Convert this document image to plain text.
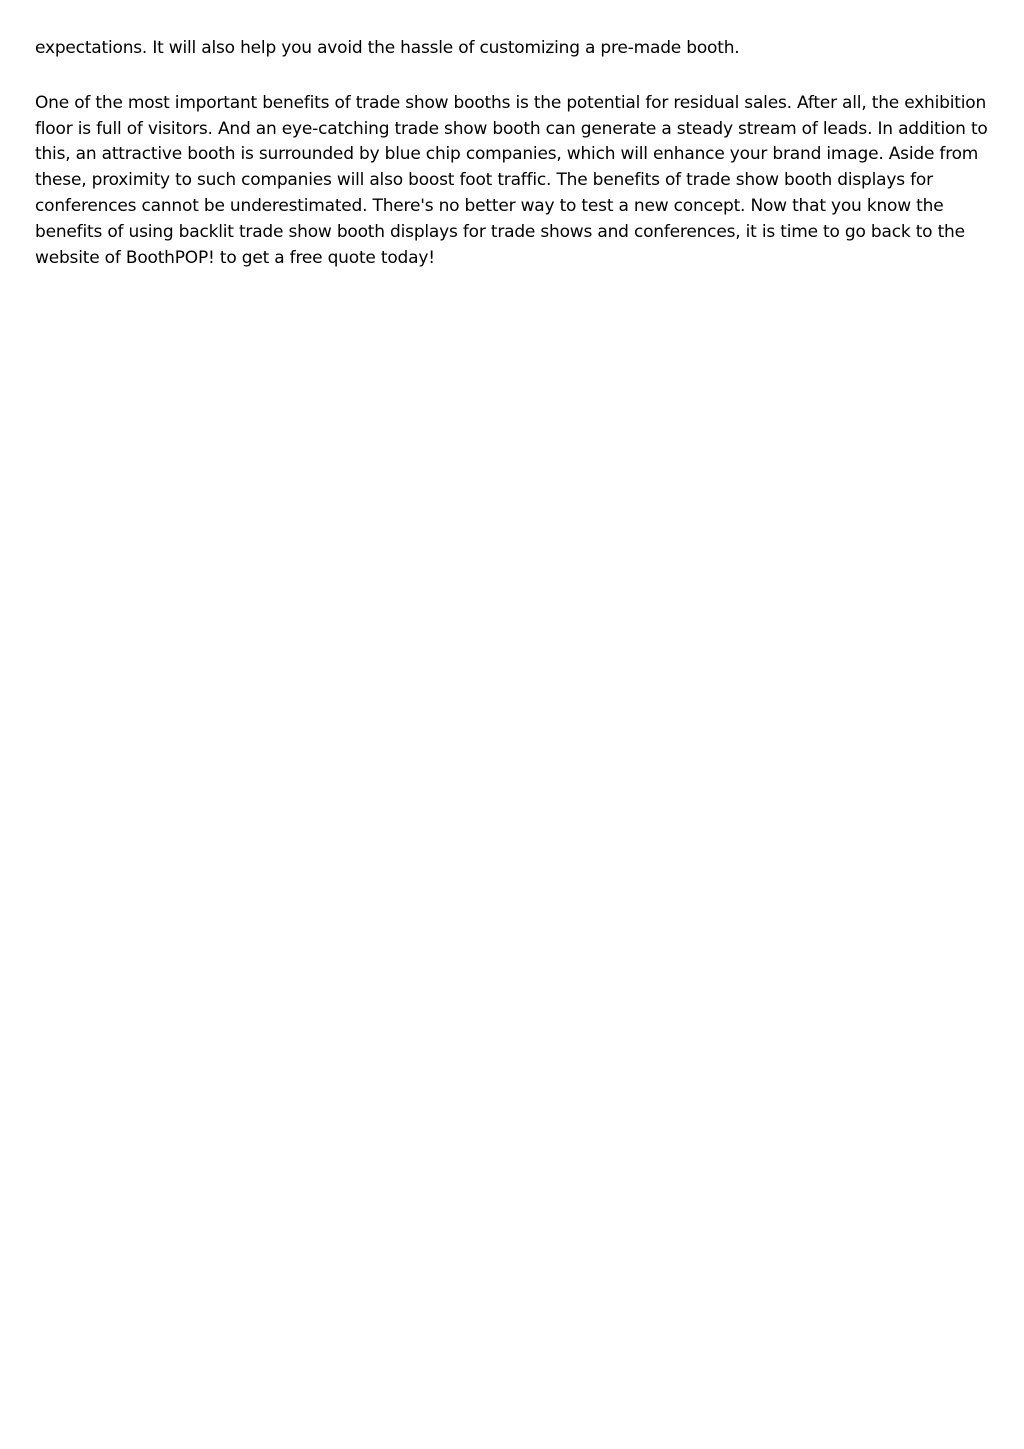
expectations. It will also help you avoid the hassle of customizing a pre-made booth.

One of the most important benefits of trade show booths is the potential for residual sales. After all, the exhibition
floor is full of visitors. And an eye-catching trade show booth can generate a steady stream of leads. In addition to
this, an attractive booth is surrounded by blue chip companies, which will enhance your brand image. Aside from
these, proximity to such companies will also boost foot traffic. The benefits of trade show booth displays for
conferences cannot be underestimated. There's no better way to test a new concept. Now that you know the
benefits of using backlit trade show booth displays for trade shows and conferences, it is time to go back to the
website of BoothPOP! to get a free quote today!
